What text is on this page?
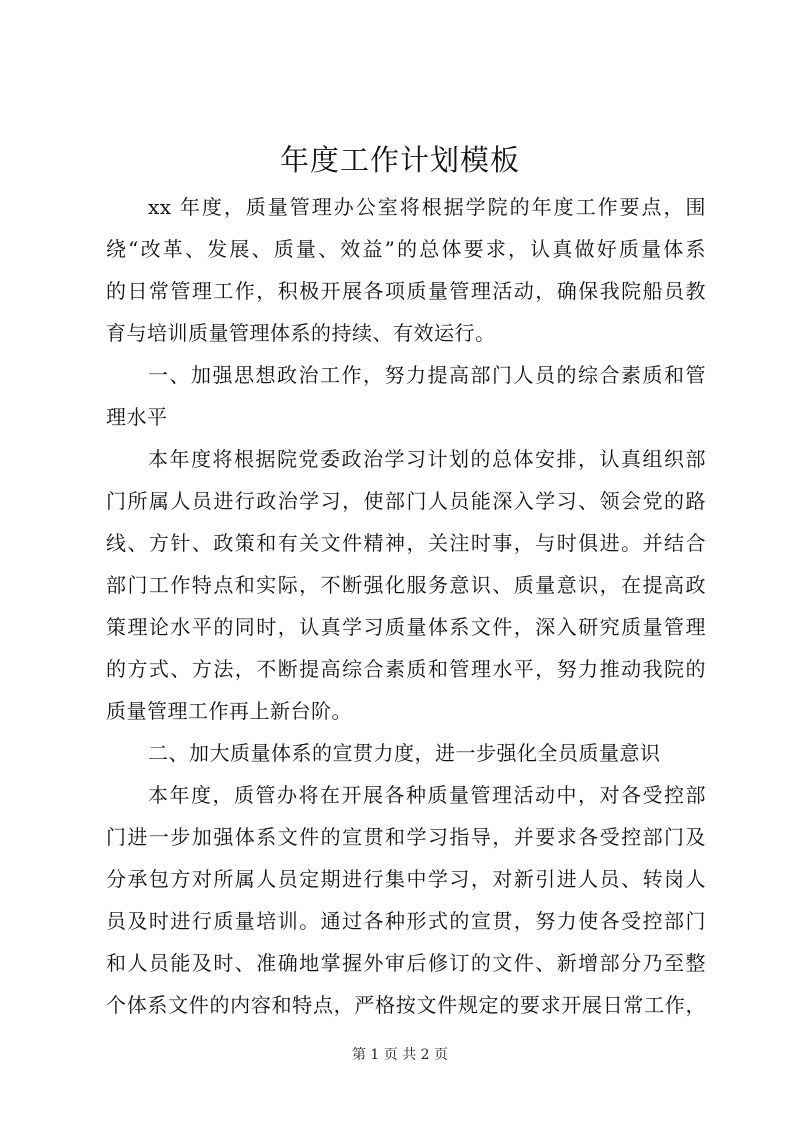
年度工作计划模板
xx 年度，质量管理办公室将根据学院的年度工作要点，围
绕“改革、发展、质量、效益”的总体要求，认真做好质量体系
的日常管理工作，积极开展各项质量管理活动，确保我院船员教
育与培训质量管理体系的持续、有效运行。
一、加强思想政治工作，努力提高部门人员的综合素质和管
理水平
本年度将根据院党委政治学习计划的总体安排，认真组织部
门所属人员进行政治学习，使部门人员能深入学习、领会党的路
线、方针、政策和有关文件精神，关注时事，与时俱进。并结合
部门工作特点和实际，不断强化服务意识、质量意识，在提高政
策理论水平的同时，认真学习质量体系文件，深入研究质量管理
的方式、方法，不断提高综合素质和管理水平，努力推动我院的
质量管理工作再上新台阶。
二、加大质量体系的宣贯力度，进一步强化全员质量意识
本年度，质管办将在开展各种质量管理活动中，对各受控部
门进一步加强体系文件的宣贯和学习指导，并要求各受控部门及
分承包方对所属人员定期进行集中学习，对新引进人员、转岗人
员及时进行质量培训。通过各种形式的宣贯，努力使各受控部门
和人员能及时、准确地掌握外审后修订的文件、新增部分乃至整
个体系文件的内容和特点，严格按文件规定的要求开展日常工作，
第 1 页 共 2 页
